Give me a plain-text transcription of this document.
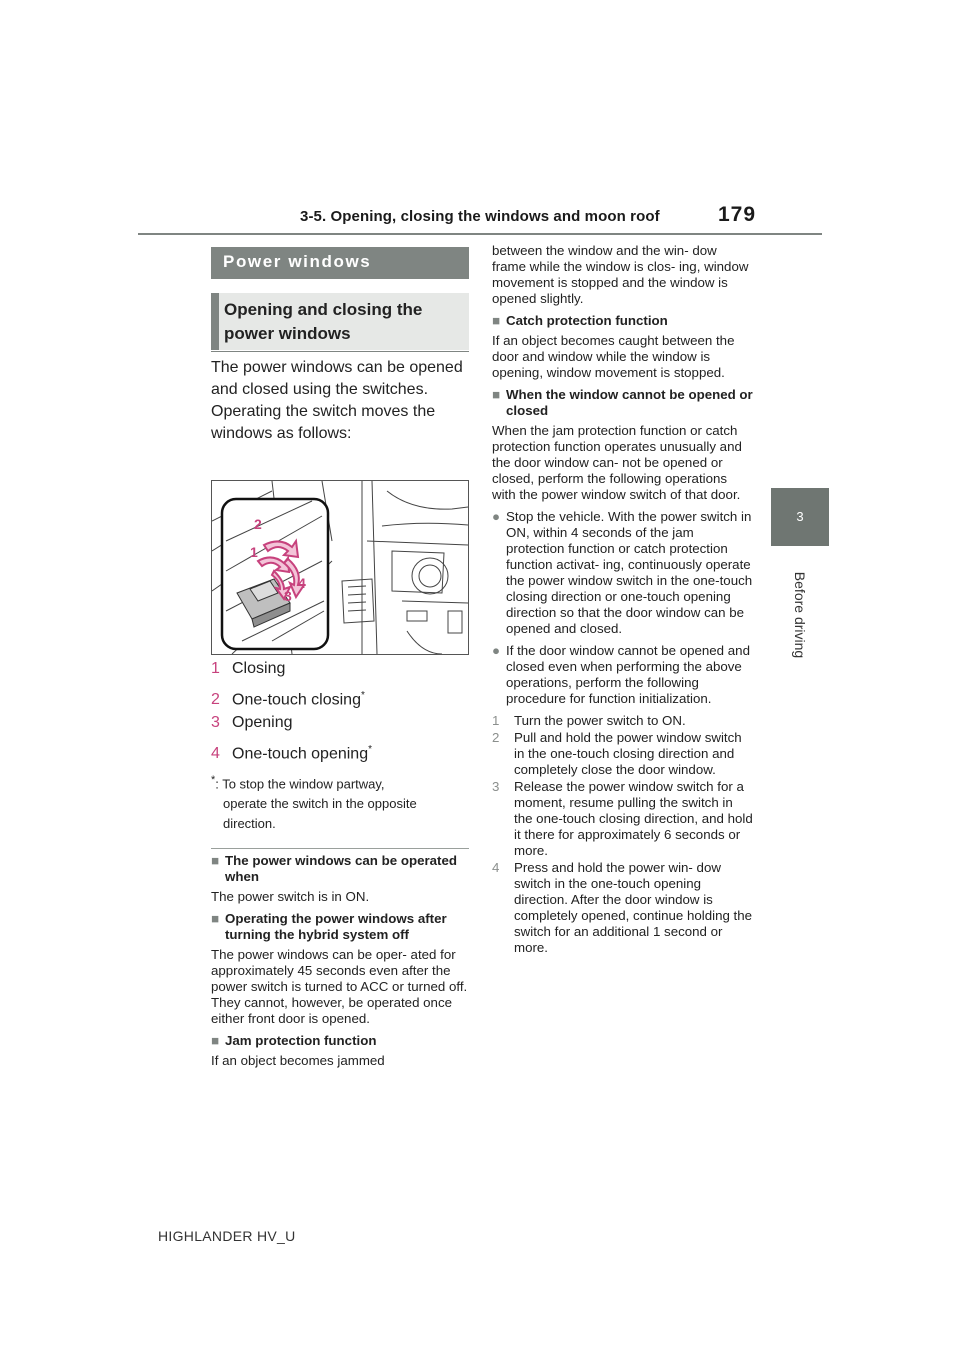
3-5. Opening, closing the windows and moon roof	179
3
Before driving
Power windows
Opening and closing the power windows
The power windows can be opened and closed using the switches.
Operating the switch moves the windows as follows:
2
1
4
3
1 Closing
2 One-touch closing*
3 Opening
4 One-touch opening*

*: To stop the window partway,

operate the switch in the opposite direction.

■ The power windows can be operated when

The power switch is in ON.

■ Operating the power windows after turning the hybrid system off

The power windows can be oper- ated for approximately 45 seconds even after the power switch is turned to ACC or turned off. They cannot, however, be operated once either front door is opened.

■ Jam protection function

If an object becomes jammed

between the window and the win- dow frame while the window is clos- ing, window movement is stopped and the window is opened slightly.

■ Catch protection function

If an object becomes caught between the door and window while the window is opening, window movement is stopped.

■ When the window cannot be opened or closed

When the jam protection function or catch protection function operates unusually and the door window can- not be opened or closed, perform the following operations with the power window switch of that door.

● Stop the vehicle. With the power switch in ON, within 4 seconds of the jam protection function or catch protection function activat- ing, continuously operate the power window switch in the one-touch closing direction or one-touch opening direction so that the door window can be opened and closed.
● If the door window cannot be opened and closed even when performing the above operations, perform the following procedure for function initialization.
1 Turn the power switch to ON.
2 Pull and hold the power window switch in the one-touch closing direction and completely close the door window.
3 Release the power window switch for a moment, resume pulling the switch in the one-touch closing direction, and hold it there for approximately 6 seconds or more.
4 Press and hold the power win- dow switch in the one-touch opening direction. After the door window is completely opened, continue holding the switch for an additional 1 second or more.
HIGHLANDER HV_U
